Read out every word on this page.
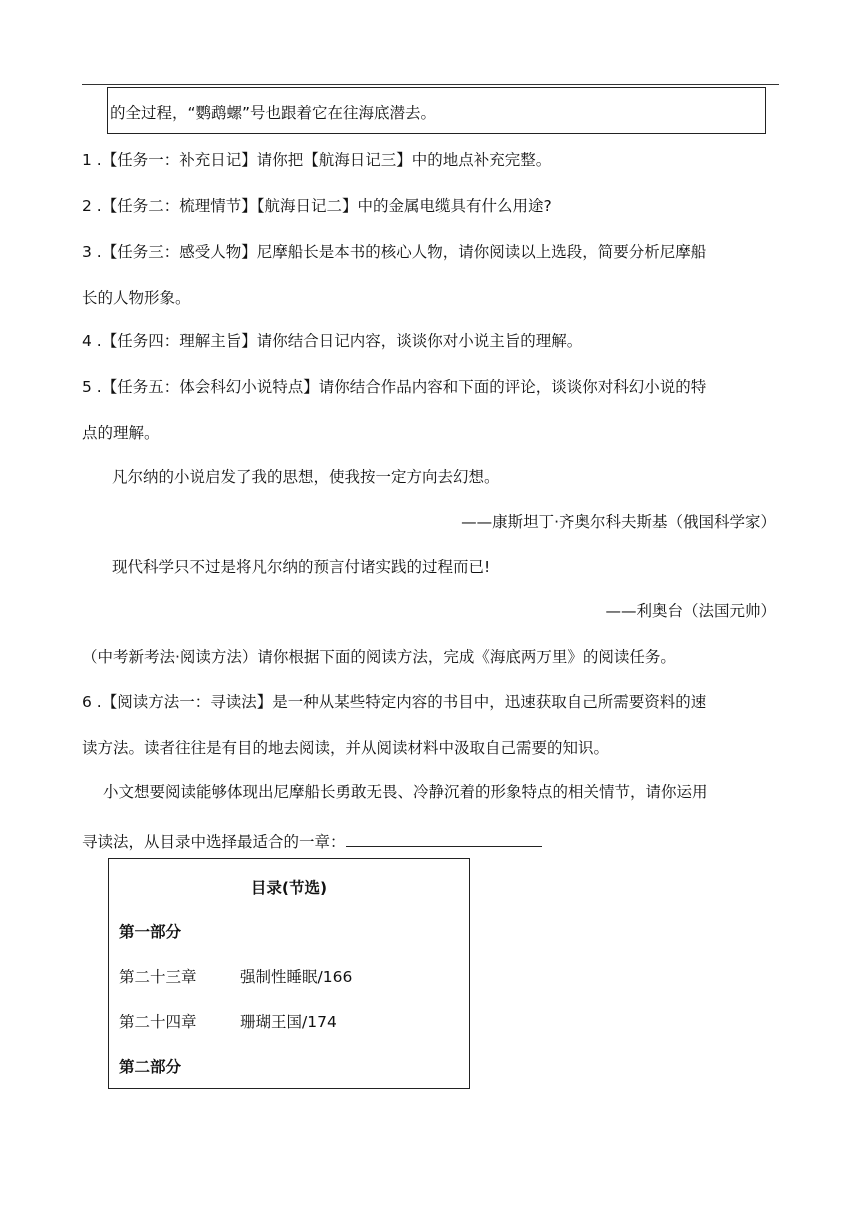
的全过程，“鹦鹉螺”号也跟着它在往海底潜去。
1 .【任务一：补充日记】请你把【航海日记三】中的地点补充完整。
2 .【任务二：梳理情节】【航海日记二】中的金属电缆具有什么用途?
3 .【任务三：感受人物】尼摩船长是本书的核心人物，请你阅读以上选段，简要分析尼摩船
长的人物形象。
4 .【任务四：理解主旨】请你结合日记内容，谈谈你对小说主旨的理解。
5 .【任务五：体会科幻小说特点】请你结合作品内容和下面的评论，谈谈你对科幻小说的特
点的理解。
凡尔纳的小说启发了我的思想，使我按一定方向去幻想。
——康斯坦丁·齐奥尔科夫斯基（俄国科学家）
现代科学只不过是将凡尔纳的预言付诸实践的过程而已!
——利奥台（法国元帅）
（中考新考法·阅读方法）请你根据下面的阅读方法，完成《海底两万里》的阅读任务。
6 .【阅读方法一：寻读法】是一种从某些特定内容的书目中，迅速获取自己所需要资料的速
读方法。读者往往是有目的地去阅读，并从阅读材料中汲取自己需要的知识。
小文想要阅读能够体现出尼摩船长勇敢无畏、冷静沉着的形象特点的相关情节，请你运用
寻读法，从目录中选择最适合的一章：
目录(节选)
第一部分
第二十三章	强制性睡眠/166
第二十四章	珊瑚王国/174
第二部分
